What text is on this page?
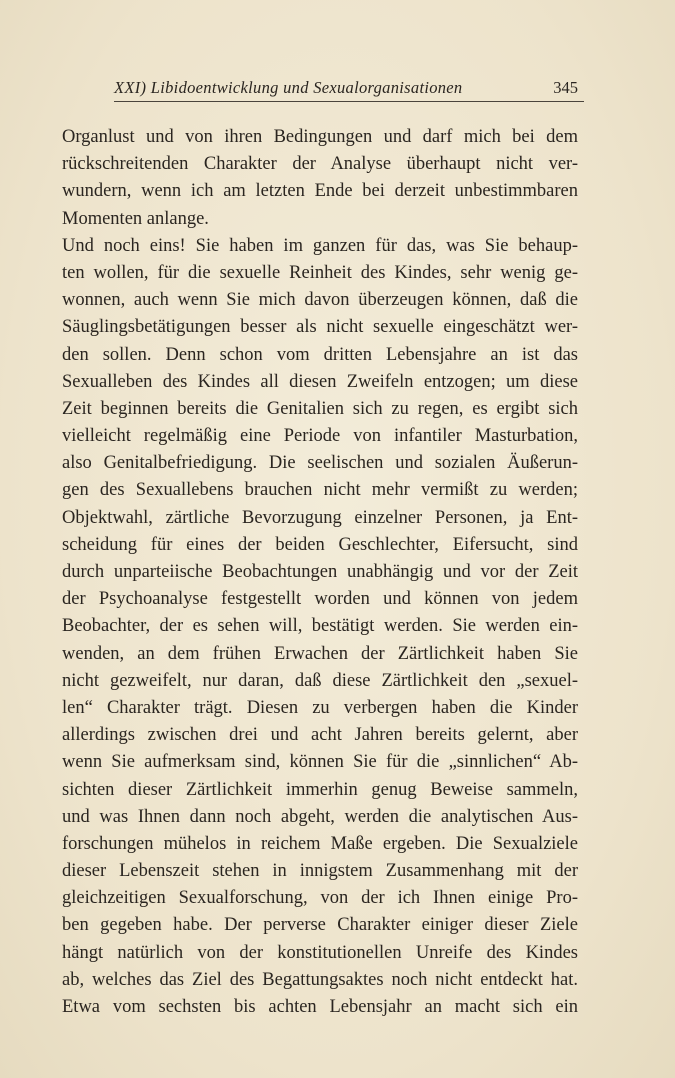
XXI) Libidoentwicklung und Sexualorganisationen	345
Organlust und von ihren Bedingungen und darf mich bei dem
rückschreitenden Charakter der Analyse überhaupt nicht ver-
wundern, wenn ich am letzten Ende bei derzeit unbestimmbaren
Momenten anlange.
Und noch eins! Sie haben im ganzen für das, was Sie behaup-
ten wollen, für die sexuelle Reinheit des Kindes, sehr wenig ge-
wonnen, auch wenn Sie mich davon überzeugen können, daß die
Säuglingsbetätigungen besser als nicht sexuelle eingeschätzt wer-
den sollen. Denn schon vom dritten Lebensjahre an ist das
Sexualleben des Kindes all diesen Zweifeln entzogen; um diese
Zeit beginnen bereits die Genitalien sich zu regen, es ergibt sich
vielleicht regelmäßig eine Periode von infantiler Masturbation,
also Genitalbefriedigung. Die seelischen und sozialen Äußerun-
gen des Sexuallebens brauchen nicht mehr vermißt zu werden;
Objektwahl, zärtliche Bevorzugung einzelner Personen, ja Ent-
scheidung für eines der beiden Geschlechter, Eifersucht, sind
durch unparteiische Beobachtungen unabhängig und vor der Zeit
der Psychoanalyse festgestellt worden und können von jedem
Beobachter, der es sehen will, bestätigt werden. Sie werden ein-
wenden, an dem frühen Erwachen der Zärtlichkeit haben Sie
nicht gezweifelt, nur daran, daß diese Zärtlichkeit den „sexuel-
len“ Charakter trägt. Diesen zu verbergen haben die Kinder
allerdings zwischen drei und acht Jahren bereits gelernt, aber
wenn Sie aufmerksam sind, können Sie für die „sinnlichen“ Ab-
sichten dieser Zärtlichkeit immerhin genug Beweise sammeln,
und was Ihnen dann noch abgeht, werden die analytischen Aus-
forschungen mühelos in reichem Maße ergeben. Die Sexualziele
dieser Lebenszeit stehen in innigstem Zusammenhang mit der
gleichzeitigen Sexualforschung, von der ich Ihnen einige Pro-
ben gegeben habe. Der perverse Charakter einiger dieser Ziele
hängt natürlich von der konstitutionellen Unreife des Kindes
ab, welches das Ziel des Begattungsaktes noch nicht entdeckt hat.
Etwa vom sechsten bis achten Lebensjahr an macht sich ein
